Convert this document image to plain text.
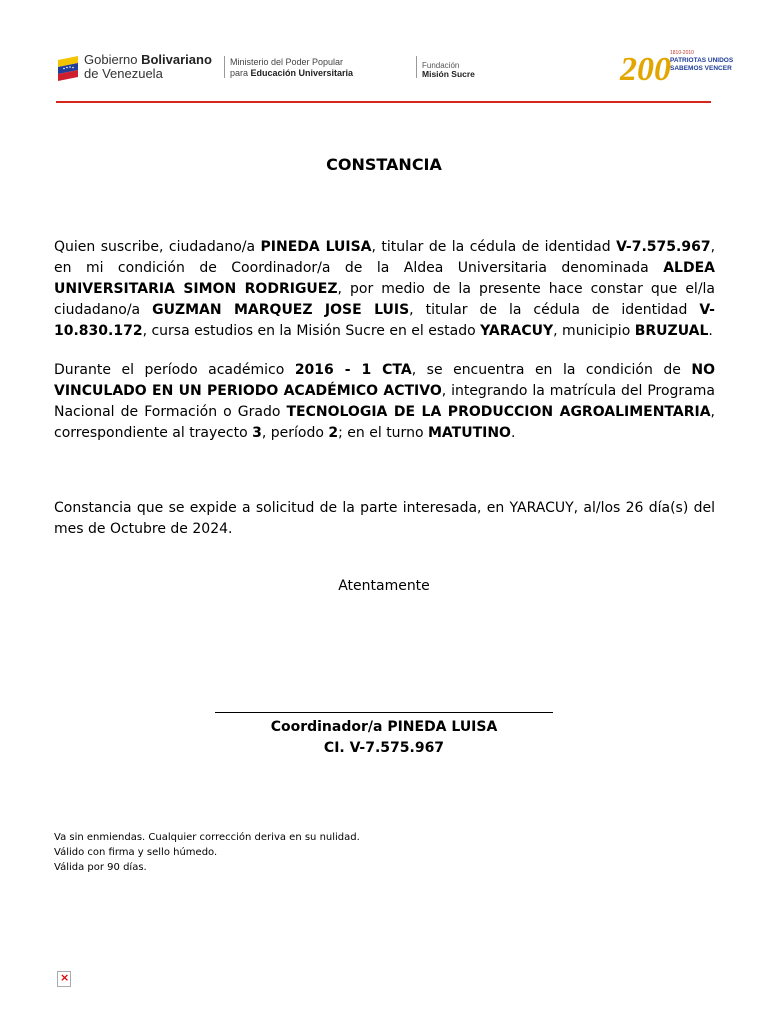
Gobierno Bolivariano
de Venezuela
Ministerio del Poder Popular
para Educación Universitaria
Fundación
Misión Sucre	200 1810-2010
PATRIOTAS UNIDOS
SABEMOS VENCER
CONSTANCIA
Quien suscribe, ciudadano/a PINEDA LUISA, titular de la cédula de identidad V-7.575.967, en mi condición de Coordinador/a de la Aldea Universitaria denominada ALDEA UNIVERSITARIA SIMON RODRIGUEZ, por medio de la presente hace constar que el/la ciudadano/a GUZMAN MARQUEZ JOSE LUIS, titular de la cédula de identidad V-10.830.172, cursa estudios en la Misión Sucre en el estado YARACUY, municipio BRUZUAL.
Durante el período académico 2016 - 1 CTA, se encuentra en la condición de NO VINCULADO EN UN PERIODO ACADÉMICO ACTIVO, integrando la matrícula del Programa Nacional de Formación o Grado TECNOLOGIA DE LA PRODUCCION AGROALIMENTARIA, correspondiente al trayecto 3, período 2; en el turno MATUTINO.
Constancia que se expide a solicitud de la parte interesada, en YARACUY, al/los 26 día(s) del mes de Octubre de 2024.
Atentamente
Coordinador/a PINEDA LUISA
CI. V-7.575.967
Va sin enmiendas. Cualquier corrección deriva en su nulidad.
Válido con firma y sello húmedo.
Válida por 90 días.
×
